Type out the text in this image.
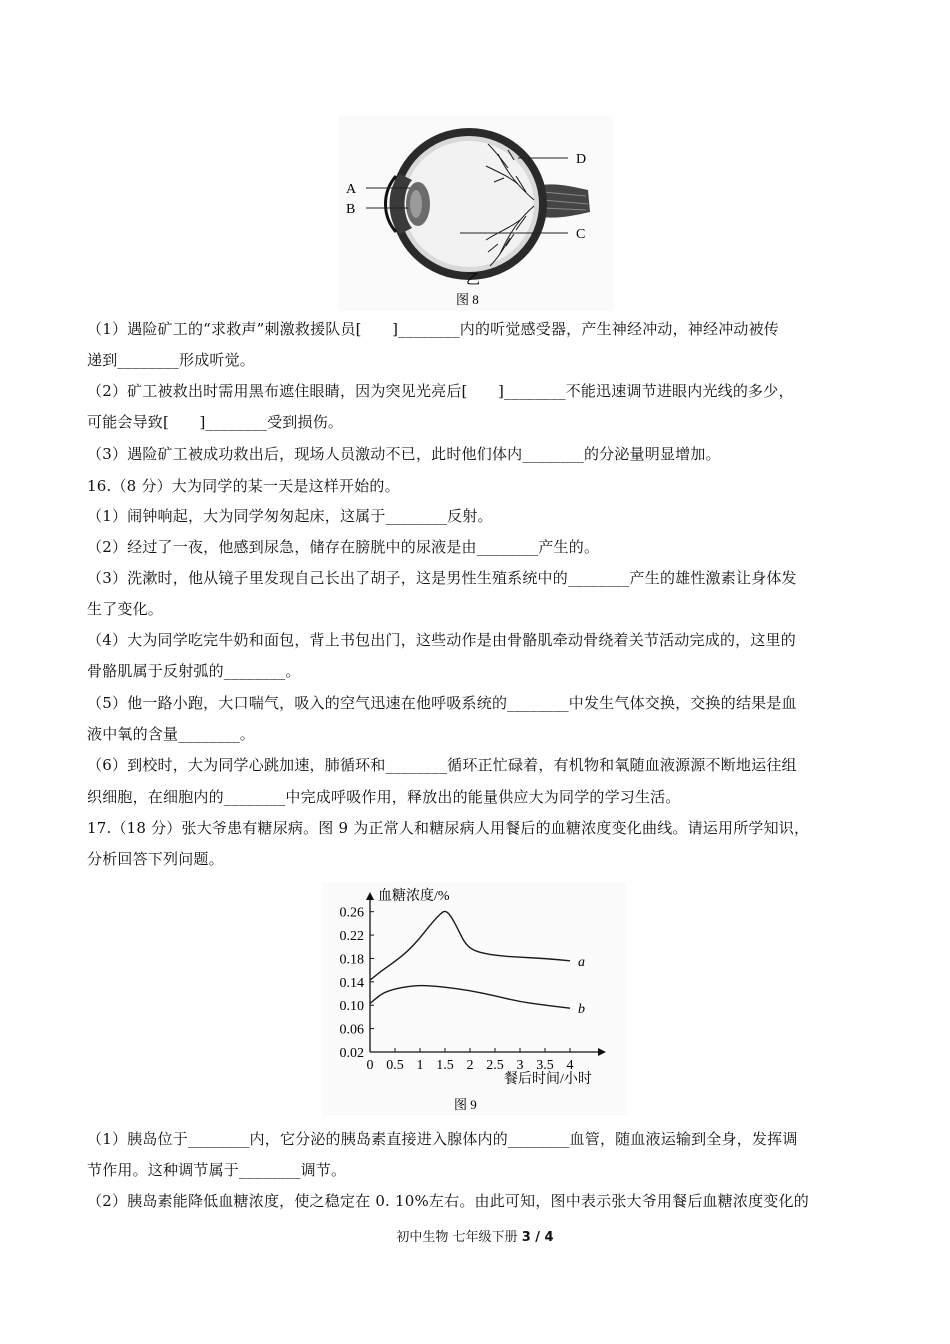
A
B
D
C
乙
图 8
（1）遇险矿工的“求救声”刺激救援队员[　　]________内的听觉感受器，产生神经冲动，神经冲动被传
递到________形成听觉。
（2）矿工被救出时需用黑布遮住眼睛，因为突见光亮后[　　]________不能迅速调节进眼内光线的多少，
可能会导致[　　]________受到损伤。
（3）遇险矿工被成功救出后，现场人员激动不已，此时他们体内________的分泌量明显增加。
16.（8 分）大为同学的某一天是这样开始的。
（1）闹钟响起，大为同学匆匆起床，这属于________反射。
（2）经过了一夜，他感到尿急，储存在膀胱中的尿液是由________产生的。
（3）洗漱时，他从镜子里发现自己长出了胡子，这是男性生殖系统中的________产生的雄性激素让身体发
生了变化。
（4）大为同学吃完牛奶和面包，背上书包出门，这些动作是由骨骼肌牵动骨绕着关节活动完成的，这里的
骨骼肌属于反射弧的________。
（5）他一路小跑，大口喘气，吸入的空气迅速在他呼吸系统的________中发生气体交换，交换的结果是血
液中氧的含量________。
（6）到校时，大为同学心跳加速，肺循环和________循环正忙碌着，有机物和氧随血液源源不断地运往组
织细胞，在细胞内的________中完成呼吸作用，释放出的能量供应大为同学的学习生活。
17.（18 分）张大爷患有糖尿病。图 9 为正常人和糖尿病人用餐后的血糖浓度变化曲线。请运用所学知识，
分析回答下列问题。
0.02
0.06
0.10
0.14
0.18
0.22
0.26
0 0.5 1 1.5 2 2.5 3 3.5 4
a
b
血糖浓度/%
餐后时间/小时
图 9
（1）胰岛位于________内，它分泌的胰岛素直接进入腺体内的________血管，随血液运输到全身，发挥调
节作用。这种调节属于________调节。
（2）胰岛素能降低血糖浓度，使之稳定在 0. 10%左右。由此可知，图中表示张大爷用餐后血糖浓度变化的
初中生物 七年级下册 3 / 4
